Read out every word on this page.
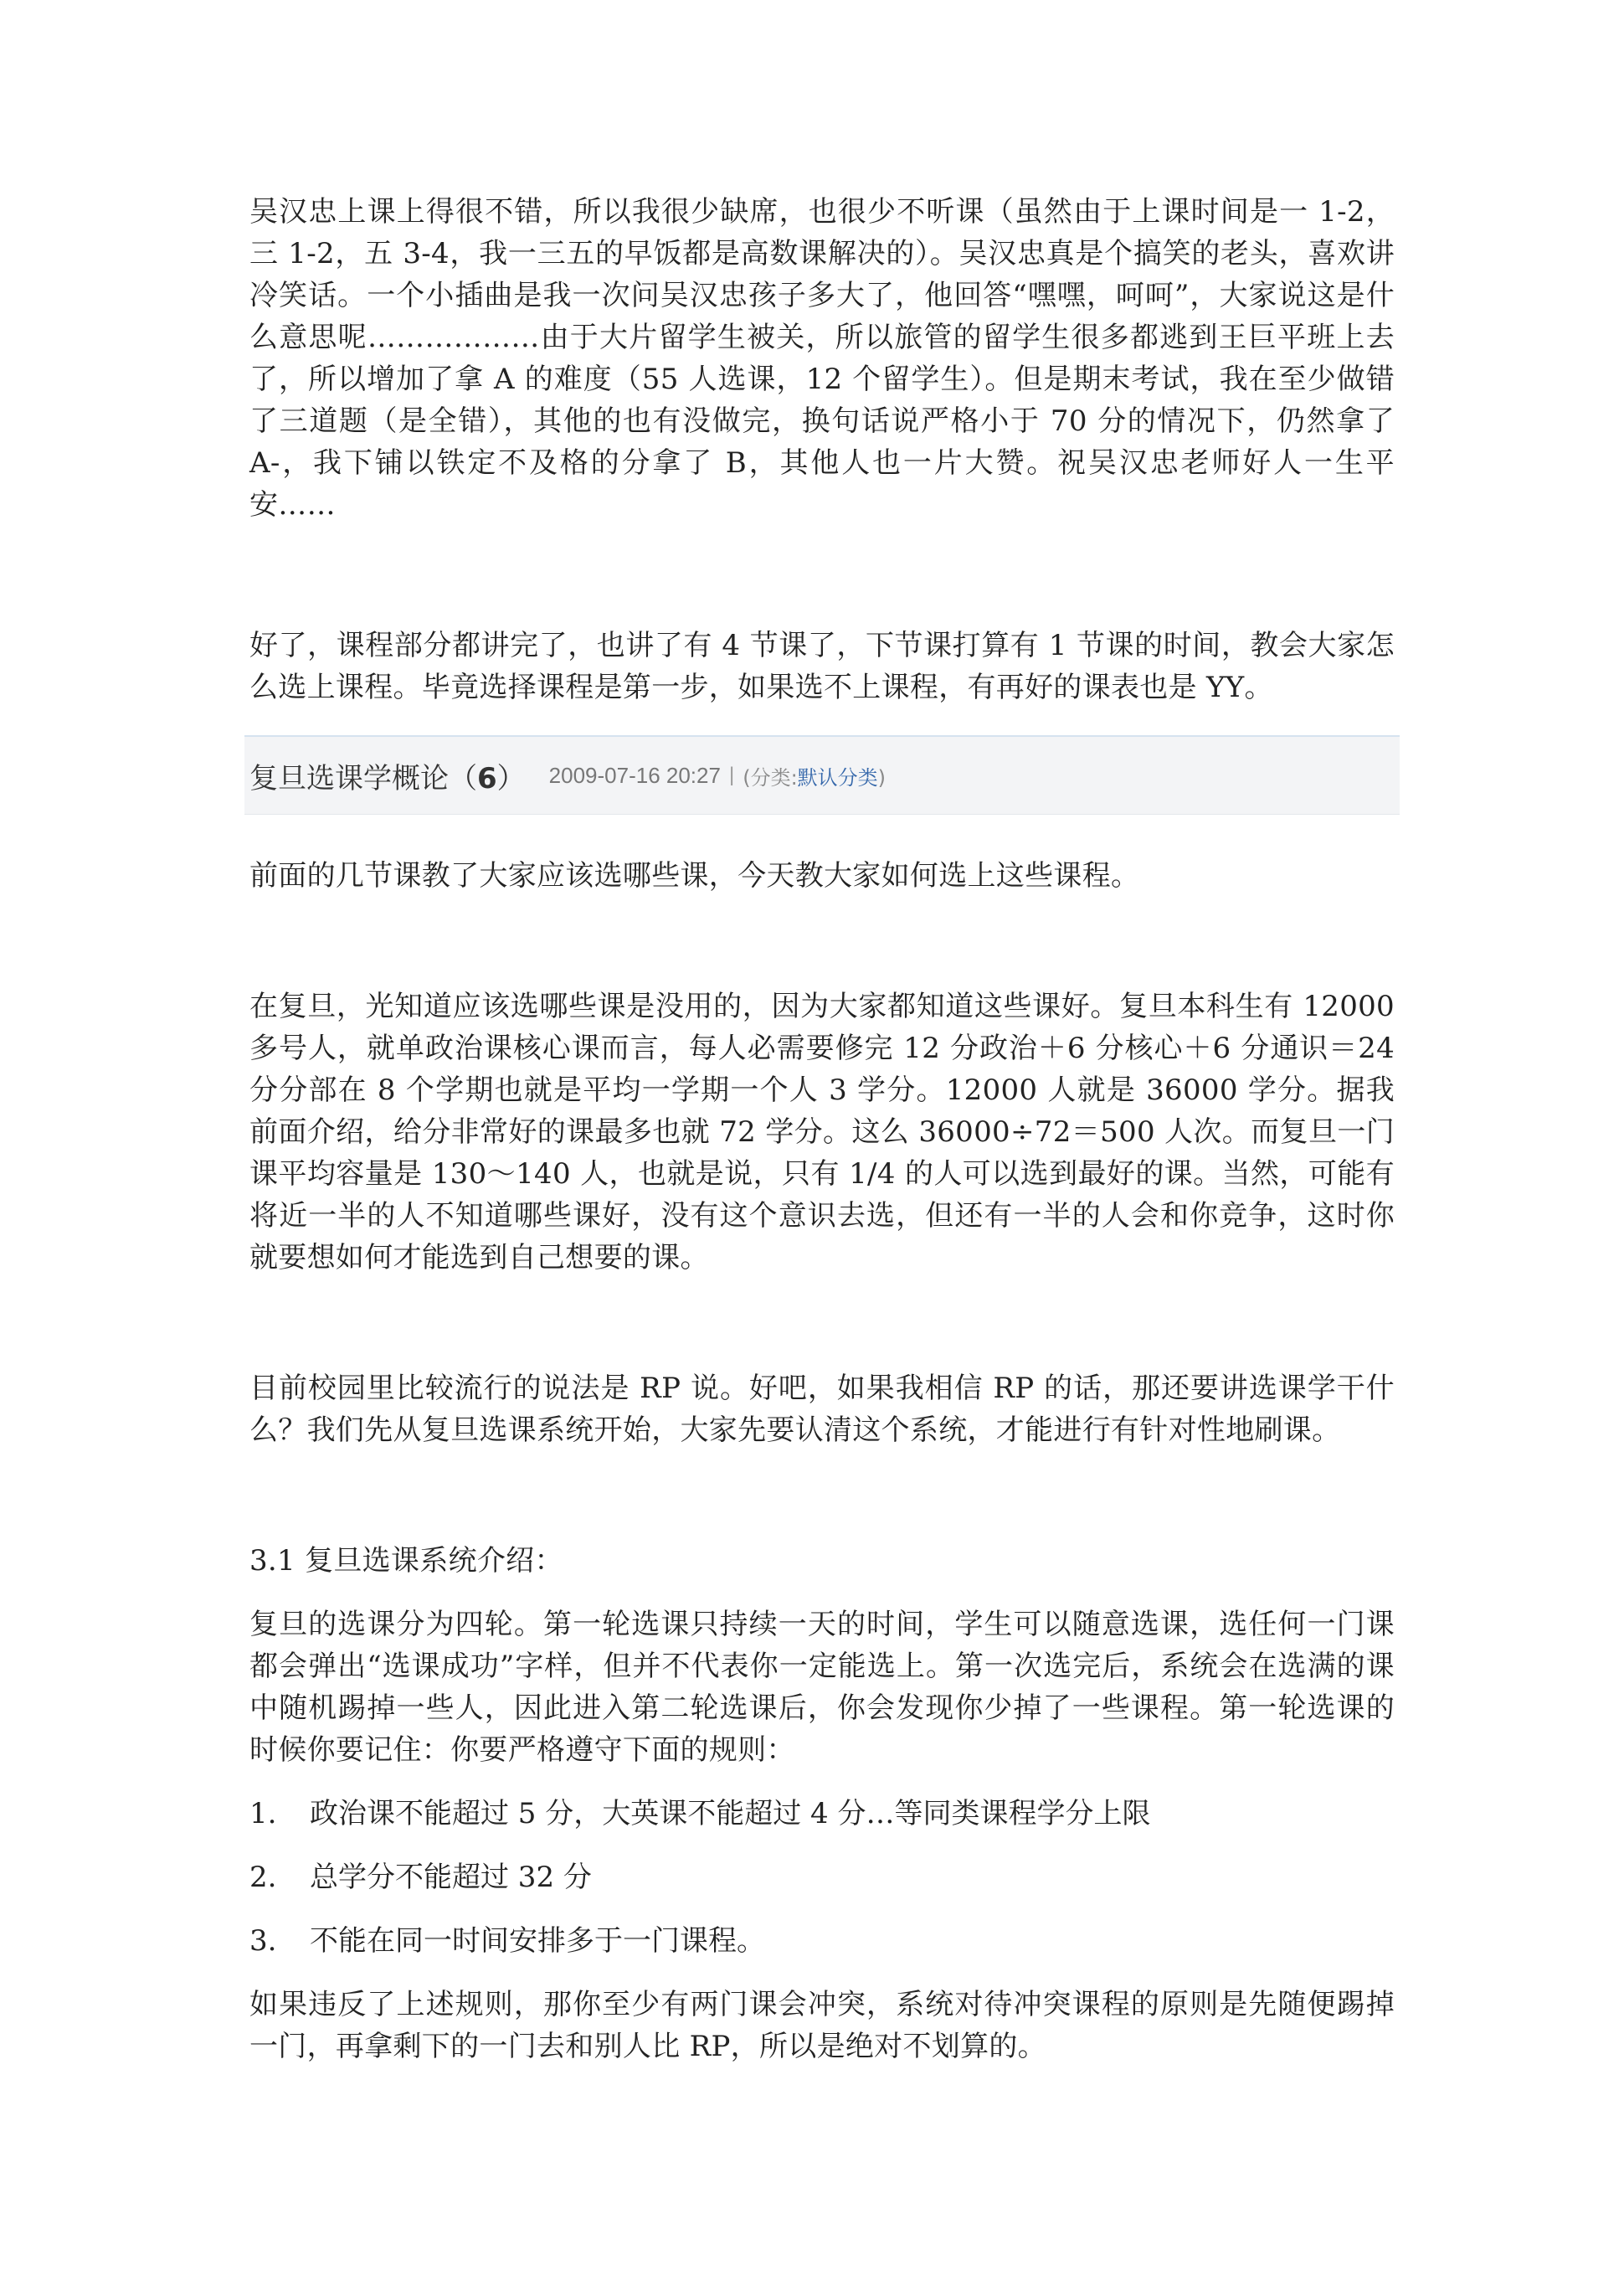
吴汉忠上课上得很不错，所以我很少缺席，也很少不听课（虽然由于上课时间是一 1-2，三 1-2，五 3-4，我一三五的早饭都是高数课解决的）。吴汉忠真是个搞笑的老头，喜欢讲冷笑话。一个小插曲是我一次问吴汉忠孩子多大了，他回答“嘿嘿，呵呵”，大家说这是什么意思呢………………由于大片留学生被关，所以旅管的留学生很多都逃到王巨平班上去了，所以增加了拿 A 的难度（55 人选课，12 个留学生）。但是期末考试，我在至少做错了三道题（是全错），其他的也有没做完，换句话说严格小于 70 分的情况下，仍然拿了 A-，我下铺以铁定不及格的分拿了 B，其他人也一片大赞。祝吴汉忠老师好人一生平安……

好了，课程部分都讲完了，也讲了有 4 节课了，下节课打算有 1 节课的时间，教会大家怎么选上课程。毕竟选择课程是第一步，如果选不上课程，有再好的课表也是 YY。

复旦选课学概论（6） 2009-07-16 20:27 | (分类:默认分类)

前面的几节课教了大家应该选哪些课，今天教大家如何选上这些课程。

在复旦，光知道应该选哪些课是没用的，因为大家都知道这些课好。复旦本科生有 12000 多号人，就单政治课核心课而言，每人必需要修完 12 分政治＋6 分核心＋6 分通识＝24 分分部在 8 个学期也就是平均一学期一个人 3 学分。12000 人就是 36000 学分。据我前面介绍，给分非常好的课最多也就 72 学分。这么 36000÷72＝500 人次。而复旦一门课平均容量是 130～140 人，也就是说，只有 1/4 的人可以选到最好的课。当然，可能有将近一半的人不知道哪些课好，没有这个意识去选，但还有一半的人会和你竞争，这时你就要想如何才能选到自己想要的课。

目前校园里比较流行的说法是 RP 说。好吧，如果我相信 RP 的话，那还要讲选课学干什么？我们先从复旦选课系统开始，大家先要认清这个系统，才能进行有针对性地刷课。

3.1 复旦选课系统介绍：

复旦的选课分为四轮。第一轮选课只持续一天的时间，学生可以随意选课，选任何一门课都会弹出“选课成功”字样，但并不代表你一定能选上。第一次选完后，系统会在选满的课中随机踢掉一些人，因此进入第二轮选课后，你会发现你少掉了一些课程。第一轮选课的时候你要记住：你要严格遵守下面的规则：

1.	政治课不能超过 5 分，大英课不能超过 4 分…等同类课程学分上限
2.	总学分不能超过 32 分
3.	不能在同一时间安排多于一门课程。

如果违反了上述规则，那你至少有两门课会冲突，系统对待冲突课程的原则是先随便踢掉一门，再拿剩下的一门去和别人比 RP，所以是绝对不划算的。
